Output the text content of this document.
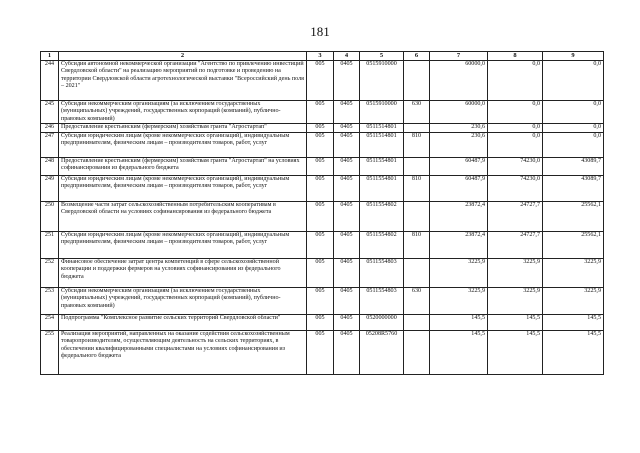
181
1	2	3	4	5	6	7	8	9
244	Субсидия автономной некоммерческой организации "Агентство по привлечению инвестиций Свердловской области" на реализацию мероприятий по подготовке и проведению на территории Свердловской области агротехнологической выставки "Всероссийский день поля – 2021"	005	0405	0515910000		60000,0	0,0	0,0
245	Субсидии некоммерческим организациям (за исключением государственных (муниципальных) учреждений, государственных корпораций (компаний), публично-правовых компаний)	005	0405	0515910000	630	60000,0	0,0	0,0
246	Предоставление крестьянским (фермерским) хозяйствам гранта "Агростартап"	005	0405	0511514801		230,6	0,0	0,0
247	Субсидии юридическим лицам (кроме некоммерческих организаций), индивидуальным предпринимателям, физическим лицам – производителям товаров, работ, услуг	005	0405	0511514801	810	230,6	0,0	0,0
248	Предоставление крестьянским (фермерским) хозяйствам гранта "Агростартап" на условиях софинансирования из федерального бюджета	005	0405	0511554801		60487,9	74230,0	43089,7
249	Субсидии юридическим лицам (кроме некоммерческих организаций), индивидуальным предпринимателям, физическим лицам – производителям товаров, работ, услуг	005	0405	0511554801	810	60487,9	74230,0	43089,7
250	Возмещение части затрат сельскохозяйственным потребительским кооперативам в Свердловской области на условиях софинансирования из федерального бюджета	005	0405	0511554802		23872,4	24727,7	25562,1
251	Субсидии юридическим лицам (кроме некоммерческих организаций), индивидуальным предпринимателям, физическим лицам – производителям товаров, работ, услуг	005	0405	0511554802	810	23872,4	24727,7	25562,1
252	Финансовое обеспечение затрат центра компетенций в сфере сельскохозяйственной кооперации и поддержки фермеров на условиях софинансирования из федерального бюджета	005	0405	0511554803		3225,9	3225,9	3225,9
253	Субсидии некоммерческим организациям (за исключением государственных (муниципальных) учреждений, государственных корпораций (компаний), публично-правовых компаний)	005	0405	0511554803	630	3225,9	3225,9	3225,9
254	Подпрограмма "Комплексное развитие сельских территорий Свердловской области"	005	0405	0520000000		145,5	145,5	145,5
255	Реализация мероприятий, направленных на оказание содействия сельскохозяйственным товаропроизводителям, осуществляющим деятельность на сельских территориях, в обеспечении квалифицированными специалистами на условиях софинансирования из федерального бюджета	005	0405	05208R5760		145,5	145,5	145,5
